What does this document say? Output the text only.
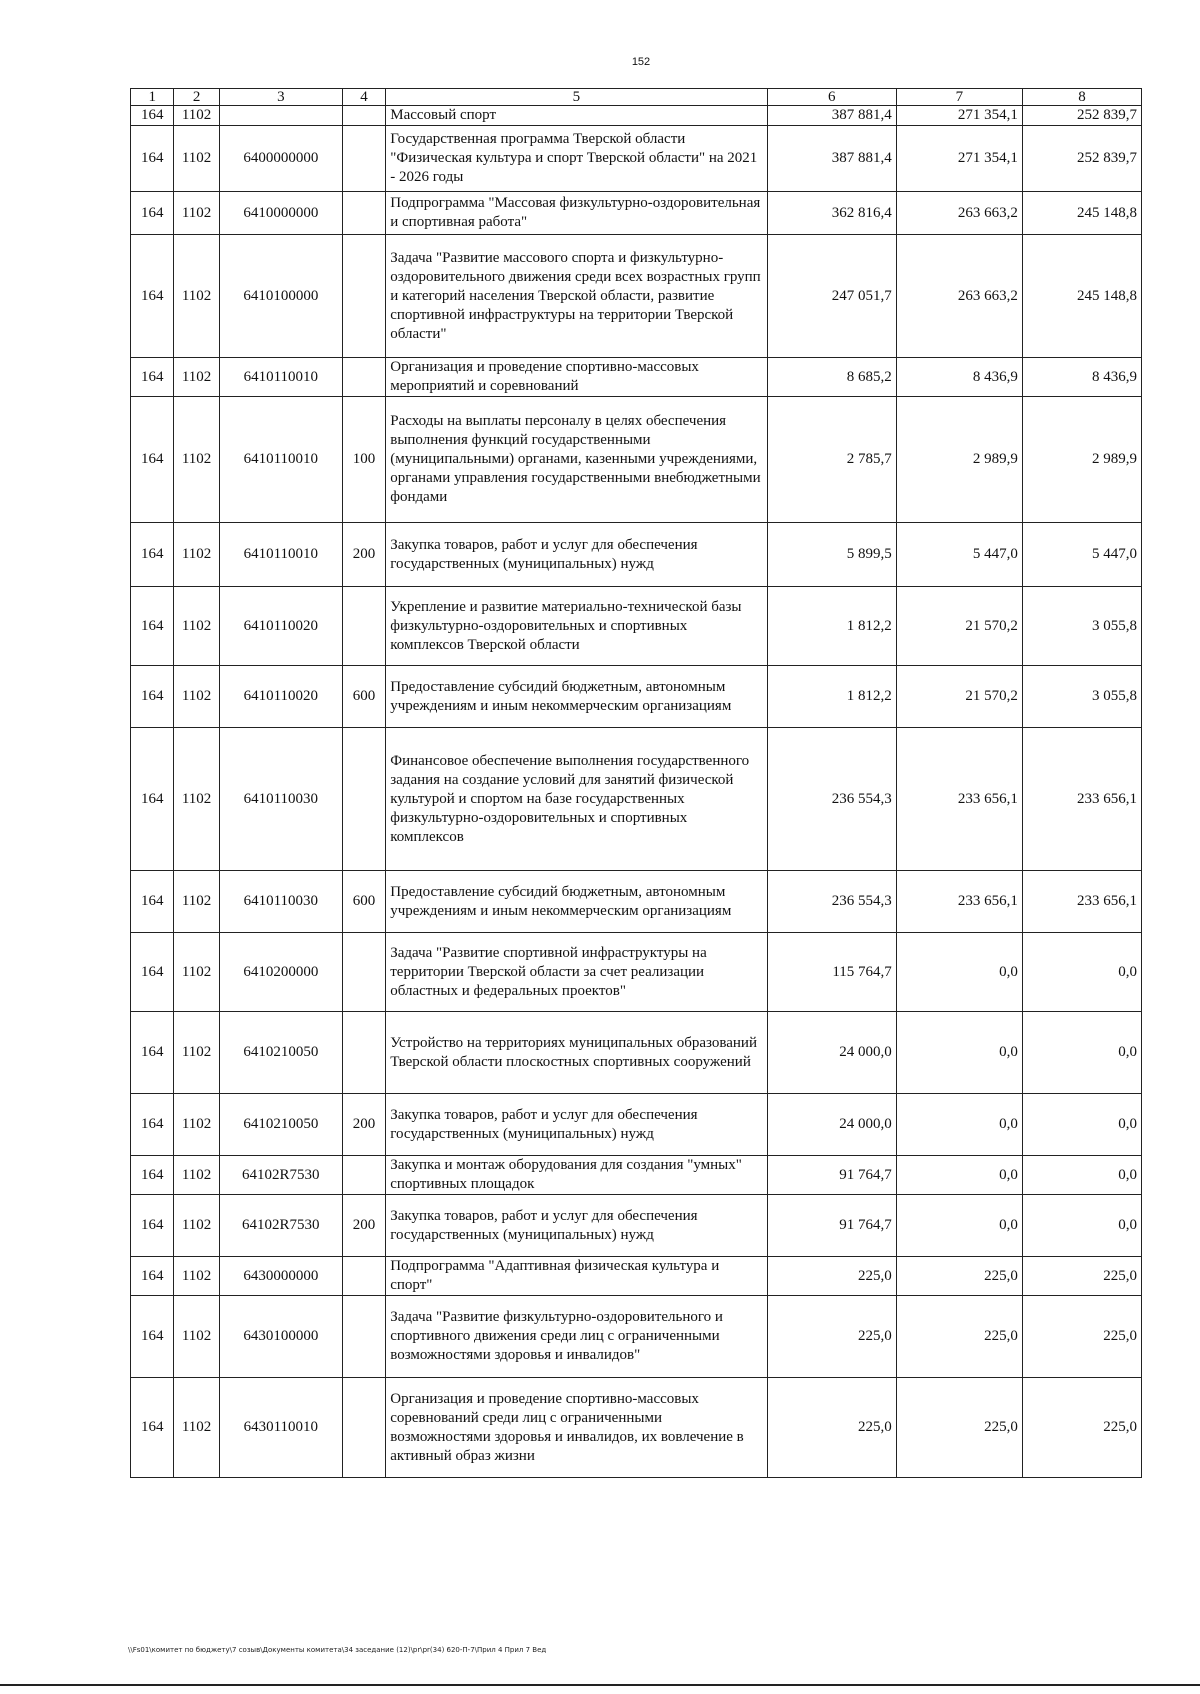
152
1	2	3	4	5	6	7	8
164	1102			Массовый спорт	387 881,4	271 354,1	252 839,7
164	1102	6400000000		Государственная программа Тверской области "Физическая культура и спорт Тверской области" на 2021 - 2026 годы	387 881,4	271 354,1	252 839,7
164	1102	6410000000		Подпрограмма "Массовая физкультурно-оздоровительная и спортивная работа"	362 816,4	263 663,2	245 148,8
164	1102	6410100000		Задача "Развитие массового спорта и физкультурно-оздоровительного движения среди всех возрастных групп и категорий населения Тверской области, развитие спортивной инфраструктуры на территории Тверской области"	247 051,7	263 663,2	245 148,8
164	1102	6410110010		Организация и проведение спортивно-массовых мероприятий и соревнований	8 685,2	8 436,9	8 436,9
164	1102	6410110010	100	Расходы на выплаты персоналу в целях обеспечения выполнения функций государственными (муниципальными) органами, казенными учреждениями, органами управления государственными внебюджетными фондами	2 785,7	2 989,9	2 989,9
164	1102	6410110010	200	Закупка товаров, работ и услуг для обеспечения государственных (муниципальных) нужд	5 899,5	5 447,0	5 447,0
164	1102	6410110020		Укрепление и развитие материально-технической базы физкультурно-оздоровительных и спортивных комплексов Тверской области	1 812,2	21 570,2	3 055,8
164	1102	6410110020	600	Предоставление субсидий бюджетным, автономным учреждениям и иным некоммерческим организациям	1 812,2	21 570,2	3 055,8
164	1102	6410110030		Финансовое обеспечение выполнения государственного задания на создание условий для занятий физической культурой и спортом на базе государственных физкультурно-оздоровительных и спортивных комплексов	236 554,3	233 656,1	233 656,1
164	1102	6410110030	600	Предоставление субсидий бюджетным, автономным учреждениям и иным некоммерческим организациям	236 554,3	233 656,1	233 656,1
164	1102	6410200000		Задача "Развитие спортивной инфраструктуры на территории Тверской области за счет реализации областных и федеральных проектов"	115 764,7	0,0	0,0
164	1102	6410210050		Устройство на территориях муниципальных образований Тверской области плоскостных спортивных сооружений	24 000,0	0,0	0,0
164	1102	6410210050	200	Закупка товаров, работ и услуг для обеспечения государственных (муниципальных) нужд	24 000,0	0,0	0,0
164	1102	64102R7530		Закупка и монтаж оборудования для создания "умных" спортивных площадок	91 764,7	0,0	0,0
164	1102	64102R7530	200	Закупка товаров, работ и услуг для обеспечения государственных (муниципальных) нужд	91 764,7	0,0	0,0
164	1102	6430000000		Подпрограмма "Адаптивная физическая культура и спорт"	225,0	225,0	225,0
164	1102	6430100000		Задача "Развитие физкультурно-оздоровительного и спортивного движения среди лиц с ограниченными возможностями здоровья и инвалидов"	225,0	225,0	225,0
164	1102	6430110010		Организация и проведение спортивно-массовых соревнований среди лиц с ограниченными возможностями здоровья и инвалидов, их вовлечение в активный образ жизни	225,0	225,0	225,0
\\Fs01\комитет по бюджету\7 созыв\Документы комитета\34 заседание (12)\pr\pr(34) 620-П-7\Прил 4 Прил 7 Вед
